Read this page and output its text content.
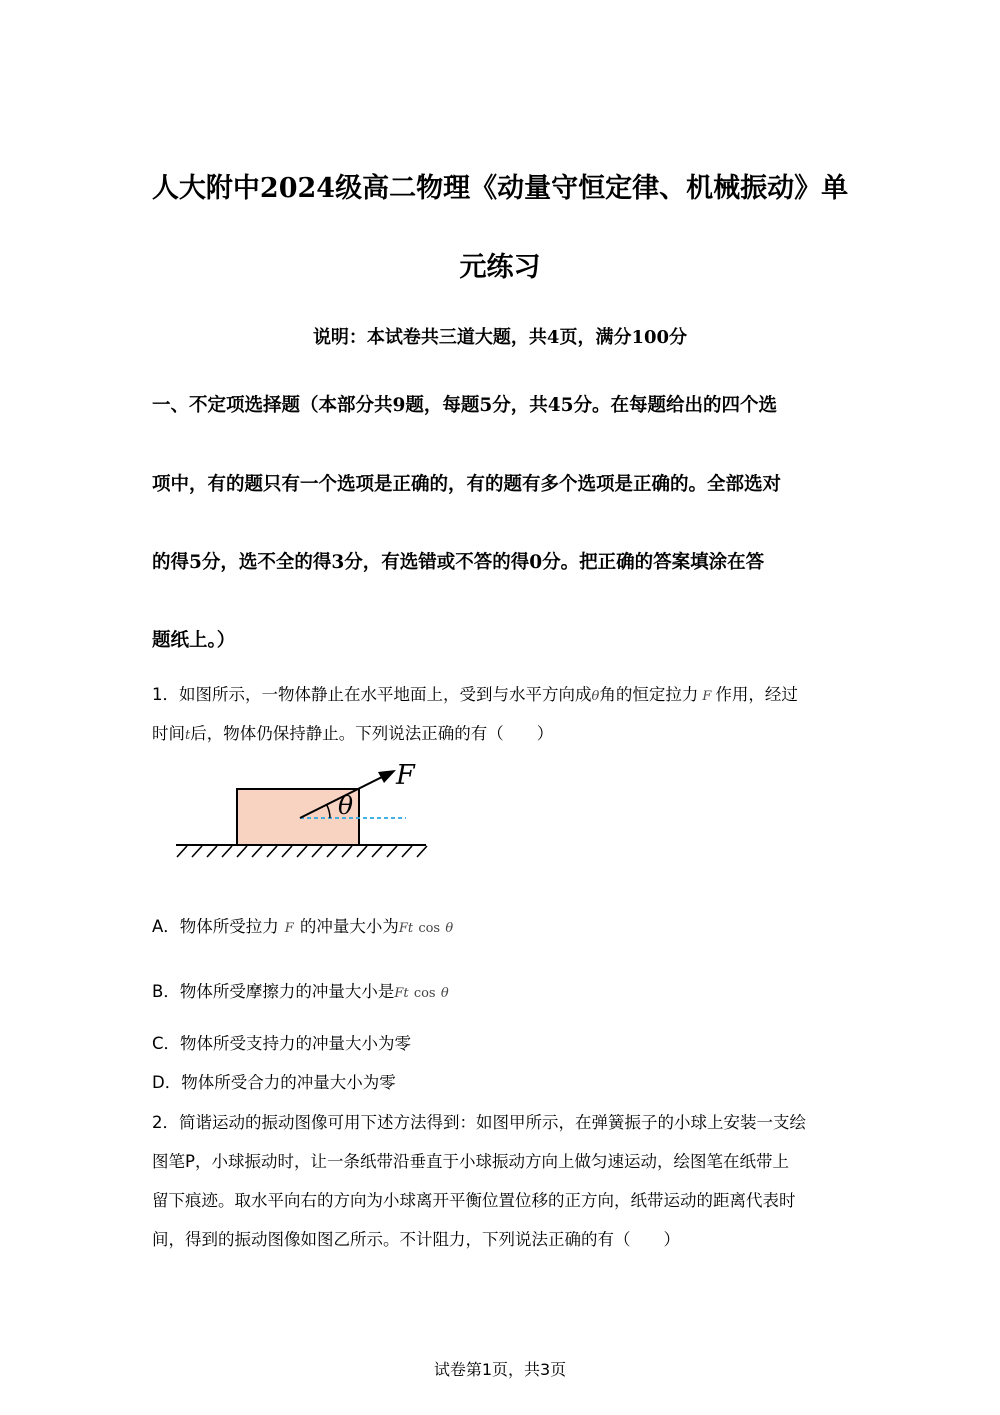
人大附中2024级高二物理《动量守恒定律、机械振动》单
元练习
说明：本试卷共三道大题，共4页，满分100分
一、不定项选择题（本部分共9题，每题5分，共45分。在每题给出的四个选
项中，有的题只有一个选项是正确的，有的题有多个选项是正确的。全部选对
的得5分，选不全的得3分，有选错或不答的得0分。把正确的答案填涂在答
题纸上。）
1．如图所示，一物体静止在水平地面上，受到与水平方向成θ角的恒定拉力 F 作用，经过
时间t后，物体仍保持静止。下列说法正确的有（　　）
θ
F
A．物体所受拉力 F 的冲量大小为Ft cos θ
B．物体所受摩擦力的冲量大小是Ft cos θ
C．物体所受支持力的冲量大小为零
D．物体所受合力的冲量大小为零
2．简谐运动的振动图像可用下述方法得到：如图甲所示，在弹簧振子的小球上安装一支绘
图笔P，小球振动时，让一条纸带沿垂直于小球振动方向上做匀速运动，绘图笔在纸带上
留下痕迹。取水平向右的方向为小球离开平衡位置位移的正方向，纸带运动的距离代表时
间，得到的振动图像如图乙所示。不计阻力，下列说法正确的有（　　）
试卷第1页，共3页
